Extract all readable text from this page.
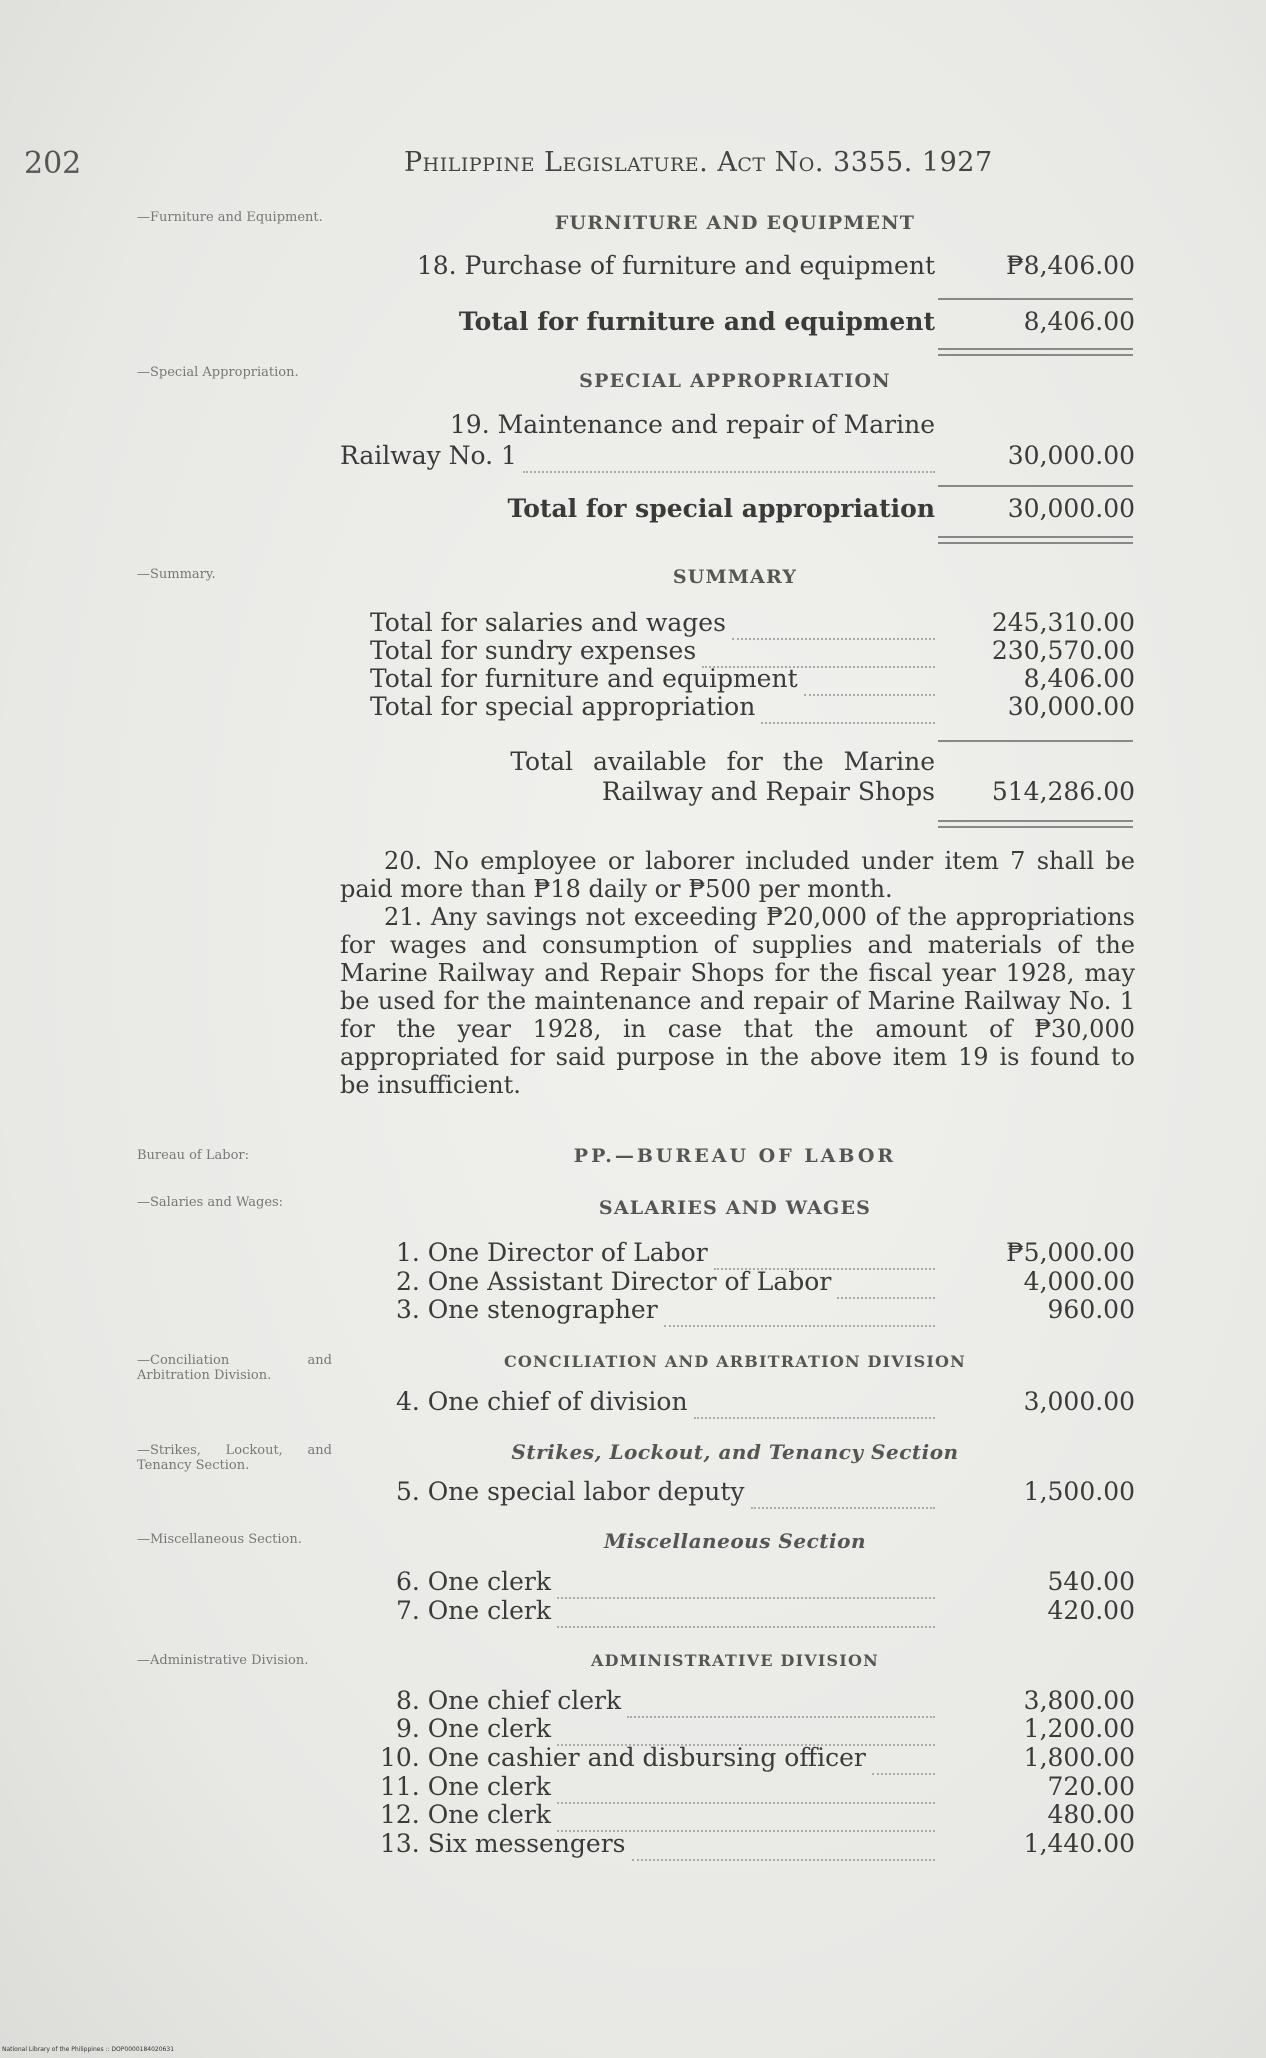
202	Philippine Legislature. Act No. 3355. 1927
—Furniture and Equipment.	FURNITURE AND EQUIPMENT
18. Purchase of furniture and equipment	₱8,406.00
Total for furniture and equipment	8,406.00
—Special Appropriation.	SPECIAL APPROPRIATION
19. Maintenance and repair of Marine
Railway No. 1	30,000.00
Total for special appropriation	30,000.00
—Summary.	SUMMARY
Total for salaries and wages	245,310.00
Total for sundry expenses	230,570.00
Total for furniture and equipment	8,406.00
Total for special appropriation	30,000.00
Total available for the Marine
Railway and Repair Shops 514,286.00

20. No employee or laborer included under item 7 shall be paid more than ₱18 daily or ₱500 per month.

21. Any savings not exceeding ₱20,000 of the appropriations for wages and consumption of supplies and materials of the Marine Railway and Repair Shops for the fiscal year 1928, may be used for the maintenance and repair of Marine Railway No. 1 for the year 1928, in case that the amount of ₱30,000 appropriated for said purpose in the above item 19 is found to be insufficient.

Bureau of Labor:	PP.—BUREAU OF LABOR
—Salaries and Wages:	SALARIES AND WAGES
1. One Director of Labor	₱5,000.00
2. One Assistant Director of Labor	4,000.00
3. One stenographer	960.00
—Conciliation and Arbitration Division.
CONCILIATION AND ARBITRATION DIVISION
4. One chief of division	3,000.00
—Strikes, Lockout, and Tenancy Section.
Strikes, Lockout, and Tenancy Section
5. One special labor deputy	1,500.00
—Miscellaneous Section.	Miscellaneous Section
6. One clerk	540.00
7. One clerk	420.00
—Administrative Division.	ADMINISTRATIVE DIVISION
8. One chief clerk	3,800.00
9. One clerk	1,200.00
10. One cashier and disbursing officer	1,800.00
11. One clerk	720.00
12. One clerk	480.00
13. Six messengers	1,440.00
National Library of the Philippines :: DOP0000184020631
